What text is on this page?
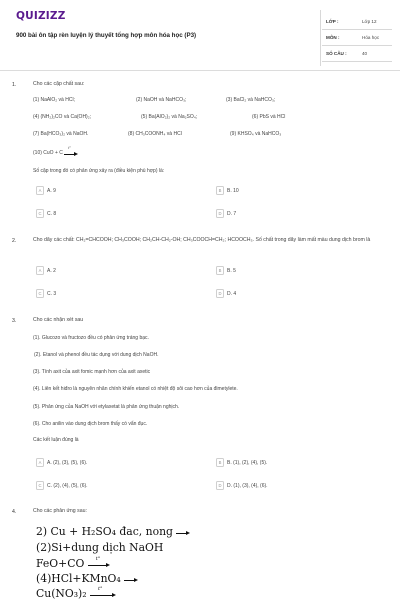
QUIZIZZ
900 bài ôn tập rèn luyện lý thuyết tổng hợp môn hóa học (P3)
LỚP :	Lớp 12
MÔN :	Hóa học
SỐ CÂU :	40
1.	Cho các cặp chất sau:
(1) NaAlO₂ và HCl;	(2) NaOH và NaHCO₃;	(3) BaCl₂ và NaHCO₃;
(4) (NH₂)₂CO và Ca(OH)₂;	(5) Ba(AlO₂)₂ và Na₂SO₄;	(6) PbS và HCl
(7) Ba(HCO₃)₂ và NaOH.	(8) CH₃COONH₄ và HCl	(9) KHSO₄ và NaHCO₃
(10) CuO + C
t°
Số cặp trong đó có phản ứng xảy ra (điều kiện phù hợp) là:
A	A. 9	B	B. 10
C	C. 8	D	D. 7
2.	Cho dãy các chất: CH₂=CHCOOH; CH₃COOH; CH₂CH-CH₂-OH; CH₃COOCH=CH₂; HCOOCH₃. Số chất trong dãy làm mất màu dung dịch brom là
A	A. 2	B	B. 5
C	C. 3	D	D. 4
3.	Cho các nhận xét sau
(1). Glucozo và fructozo đều có phản ứng tráng bạc.
(2). Etanol và phenol đều tác dụng với dung dịch NaOH.
(3). Tính axit của axit fomic mạnh hơn của axit axetic
(4). Liên kết hiđro là nguyên nhân chính khiến etanol có nhiệt độ sôi cao hơn của đimetylete.
(5). Phản ứng của NaOH với etylaxetat là phản ứng thuận nghịch.
(6). Cho anilin vào dung dịch brom thấy có vẩn đục.
Các kết luận đúng là
A	A. (2), (3), (5), (6).	B	B. (1), (2), (4), (5).
C	C. (2), (4), (5), (6).	D	D. (1), (3), (4), (6).
4.	Cho các phản ứng sau:
2) Cu + H₂SO₄ đac, nong
(2)Si+dung dịch NaOH
FeO+CO t°
(4)HCl+KMnO₄
Cu(NO₃)₂ t°
